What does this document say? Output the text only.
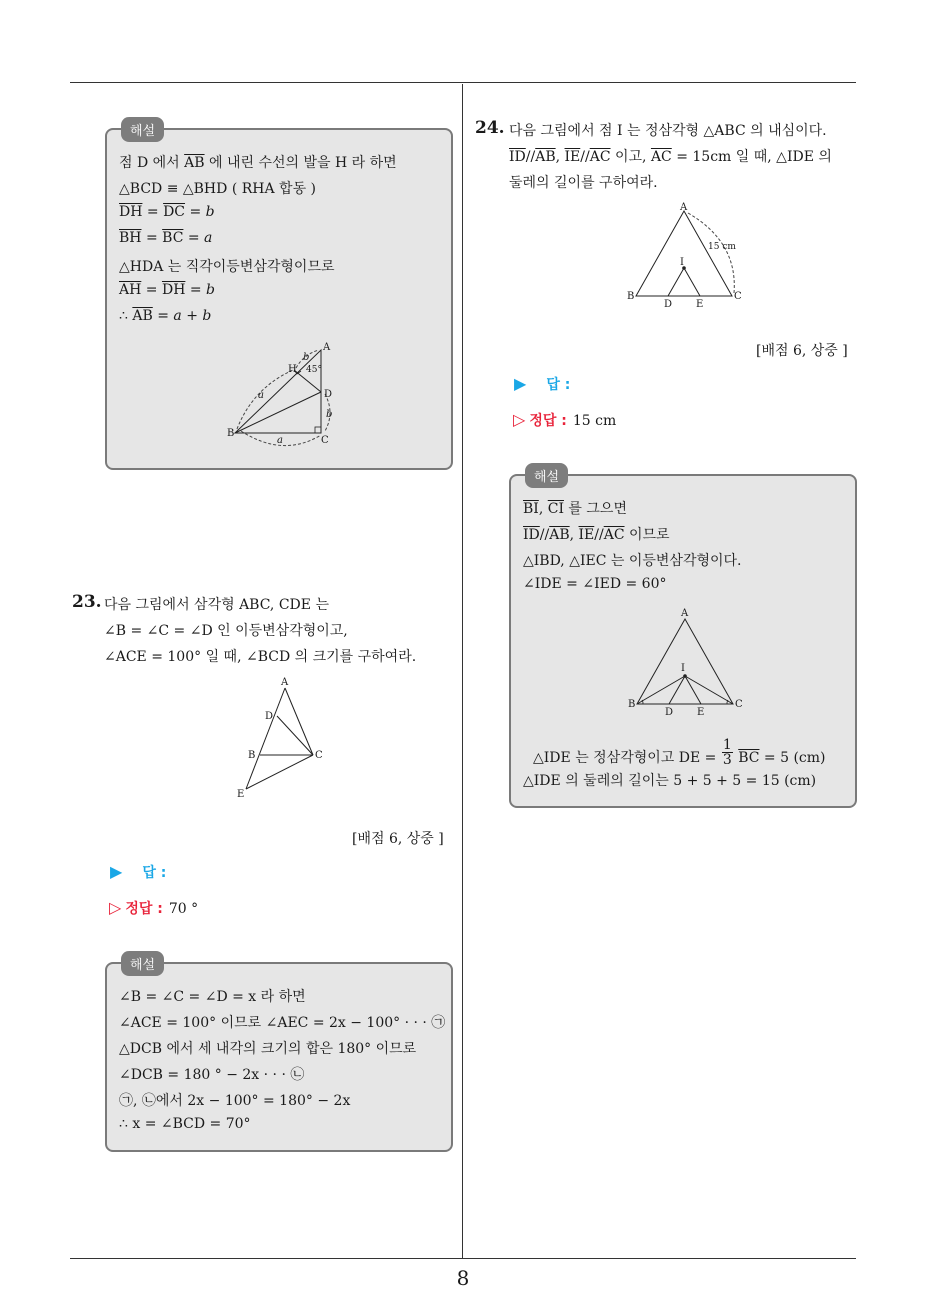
8
해설
점 D 에서 $\overline{AB}$ 에 내린 수선의 발을 H 라 하면
△BCD ≡ △BHD ( RHA 합동 )
$\overline{DH} = \overline{DC} = b$
$\overline{BH} = \overline{BC} = a$
△HDA 는 직각이등변삼각형이므로
$\overline{AH} = \overline{DH} = b$
∴ $\overline{AB} = a + b$
A
H
D
B
C
b
45°
a
b
a
23. 다음 그림에서 삼각형 ABC, CDE 는
∠B = ∠C = ∠D 인 이등변삼각형이고,
∠ACE = 100° 일 때, ∠BCD 의 크기를 구하여라.
A
D
B	C
E
[배점 6, 상중 ]
▶ 답 :
▷ 정답 : 70 °
해설
∠B = ∠C = ∠D = x 라 하면
∠ACE = 100° 이므로 ∠AEC = 2x − 100° · · · ㉠
△DCB 에서 세 내각의 크기의 합은 180° 이므로
∠DCB = 180 ° − 2x · · · ㉡
㉠, ㉡에서 2x − 100° = 180° − 2x
∴ x = ∠BCD = 70°
24. 다음 그림에서 점 I 는 정삼각형 △ABC 의 내심이다.
$\overline{ID}//\overline{AB}$, $\overline{IE}//\overline{AC}$ 이고, $\overline{AC} = 15cm$ 일 때, △IDE 의
둘레의 길이를 구하여라.
A
15 cm
I
B
D E
C
[배점 6, 상중 ]
▶ 답 :
▷ 정답 : 15 cm
해설
$\overline{BI}$, $\overline{CI}$ 를 그으면
$\overline{ID}//\overline{AB}$, $\overline{IE}//\overline{AC}$ 이므로
△IBD, △IEC 는 이등변삼각형이다.
∠IDE = ∠IED = 60°
A
I
B
D E
C
△IDE 는 정삼각형이고 DE = $\frac{1}{3} \overline{BC} = 5$ (cm)
△IDE 의 둘레의 길이는 5 + 5 + 5 = 15 (cm)
